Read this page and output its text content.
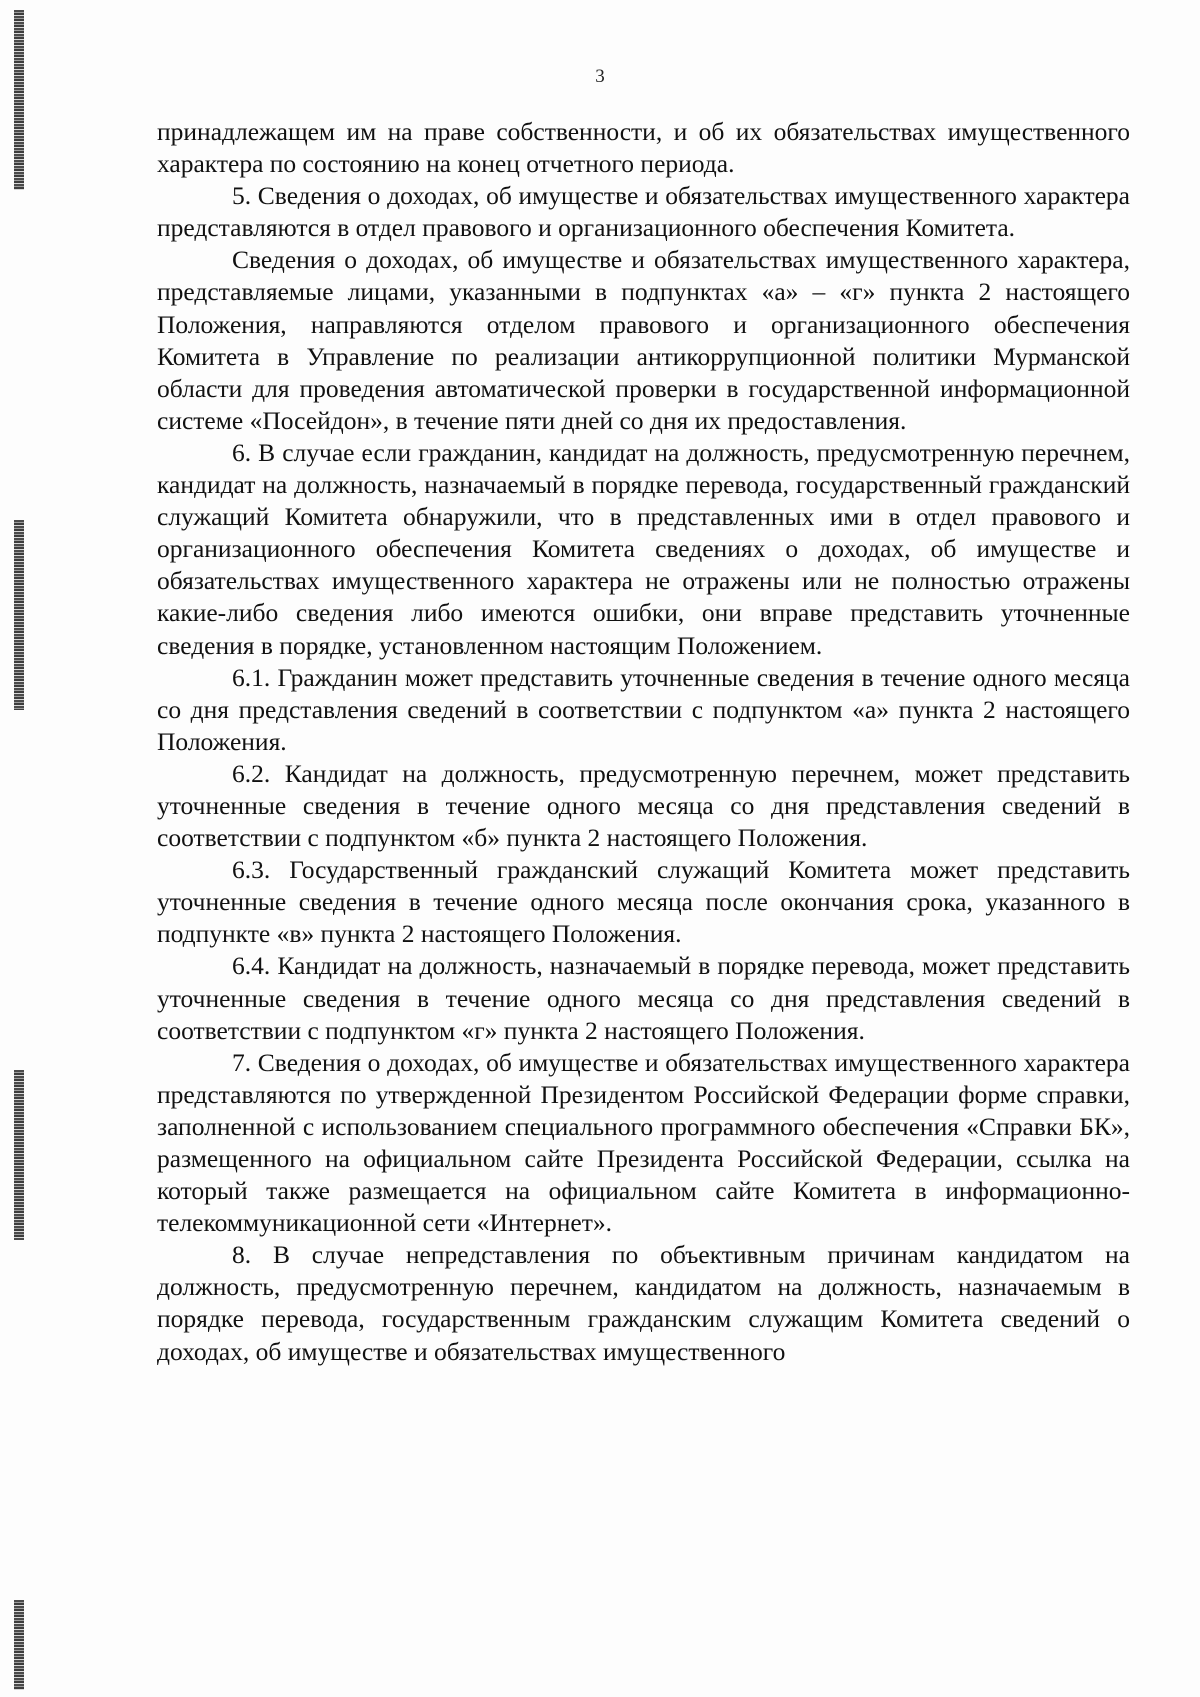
3

принадлежащем им на праве собственности, и об их обязательствах имущественного характера по состоянию на конец отчетного периода.

5. Сведения о доходах, об имуществе и обязательствах имущественного характера представляются в отдел правового и организационного обеспечения Комитета.

Сведения о доходах, об имуществе и обязательствах имущественного характера, представляемые лицами, указанными в подпунктах «а» – «г» пункта 2 настоящего Положения, направляются отделом правового и организационного обеспечения Комитета в Управление по реализации антикоррупционной политики Мурманской области для проведения автоматической проверки в государственной информационной системе «Посейдон», в течение пяти дней со дня их предоставления.

6. В случае если гражданин, кандидат на должность, предусмотренную перечнем, кандидат на должность, назначаемый в порядке перевода, государственный гражданский служащий Комитета обнаружили, что в представленных ими в отдел правового и организационного обеспечения Комитета сведениях о доходах, об имуществе и обязательствах имущественного характера не отражены или не полностью отражены какие-либо сведения либо имеются ошибки, они вправе представить уточненные сведения в порядке, установленном настоящим Положением.

6.1. Гражданин может представить уточненные сведения в течение одного месяца со дня представления сведений в соответствии с подпунктом «а» пункта 2 настоящего Положения.

6.2. Кандидат на должность, предусмотренную перечнем, может представить уточненные сведения в течение одного месяца со дня представления сведений в соответствии с подпунктом «б» пункта 2 настоящего Положения.

6.3. Государственный гражданский служащий Комитета может представить уточненные сведения в течение одного месяца после окончания срока, указанного в подпункте «в» пункта 2 настоящего Положения.

6.4. Кандидат на должность, назначаемый в порядке перевода, может представить уточненные сведения в течение одного месяца со дня представления сведений в соответствии с подпунктом «г» пункта 2 настоящего Положения.

7. Сведения о доходах, об имуществе и обязательствах имущественного характера представляются по утвержденной Президентом Российской Федерации форме справки, заполненной с использованием специального программного обеспечения «Справки БК», размещенного на официальном сайте Президента Российской Федерации, ссылка на который также размещается на официальном сайте Комитета в информационно-телекоммуникационной сети «Интернет».

8. В случае непредставления по объективным причинам кандидатом на должность, предусмотренную перечнем, кандидатом на должность, назначаемым в порядке перевода, государственным гражданским служащим Комитета сведений о доходах, об имуществе и обязательствах имущественного
